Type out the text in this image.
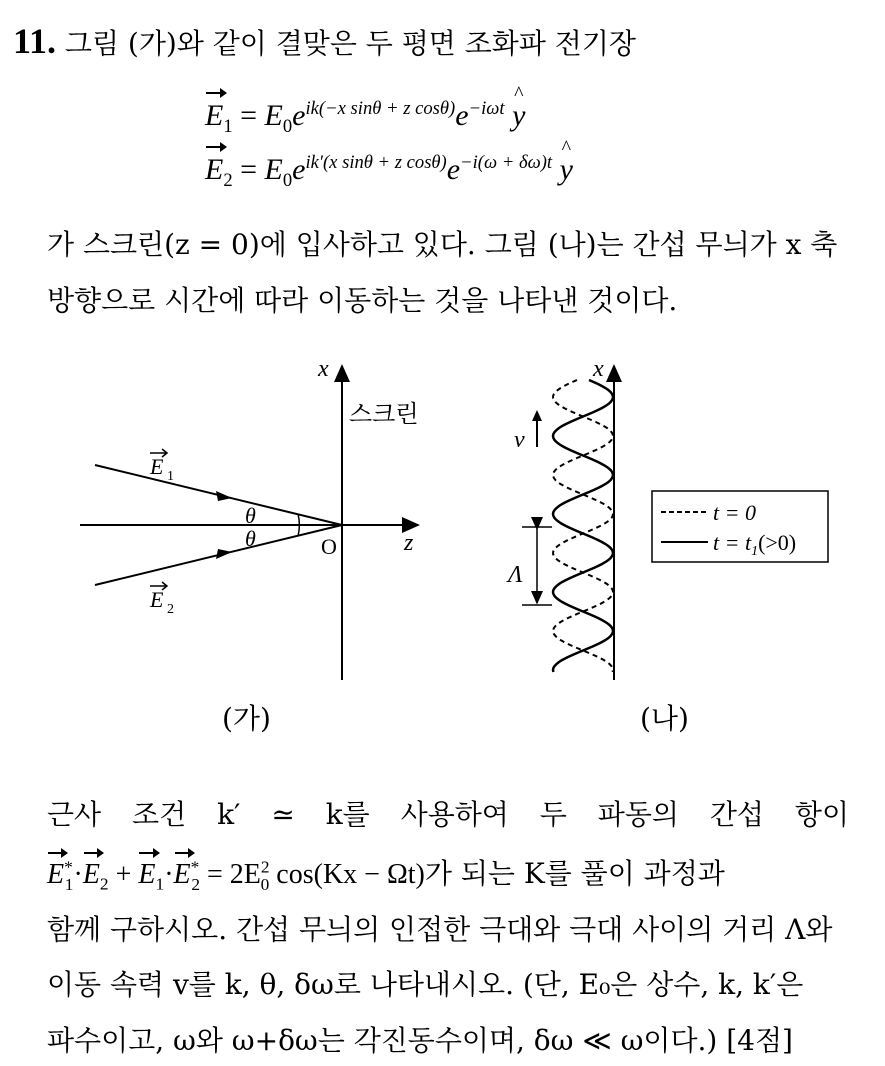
11. 그림 (가)와 같이 결맞은 두 평면 조화파 전기장
$E_1 = E_0e^{ik(-x sin\theta + z cos\theta)}e^{-i\omega t}$ ^ y
$E_2 = E_0e^{ik'(x sin\theta + z cos\theta)}e^{-i(\omega + \delta\omega)t}$ ^ y
가 스크린(z = 0)에 입사하고 있다. 그림 (나)는 간섭 무늬가 x 축
방향으로 시간에 따라 이동하는 것을 나타낸 것이다.
θ
θ
E 1
E 2
x
z
O
스크린
x
v
Λ
t = 0
$t = t_1(>0)$
(가)	(나)
근사 조건 k′ ≃ k를 사용하여 두 파동의 간섭 항이
$E^*_1\cdot E_2 + E_1\cdot E^*_2 = 2E^2_0$ cos(Kx − Ωt)가 되는 K를 풀이 과정과
함께 구하시오. 간섭 무늬의 인접한 극대와 극대 사이의 거리 Λ와
이동 속력 v를 k, θ, δω로 나타내시오. (단, E₀은 상수, k, k′은
파수이고, ω와 ω+δω는 각진동수이며, δω ≪ ω이다.) [4점]
